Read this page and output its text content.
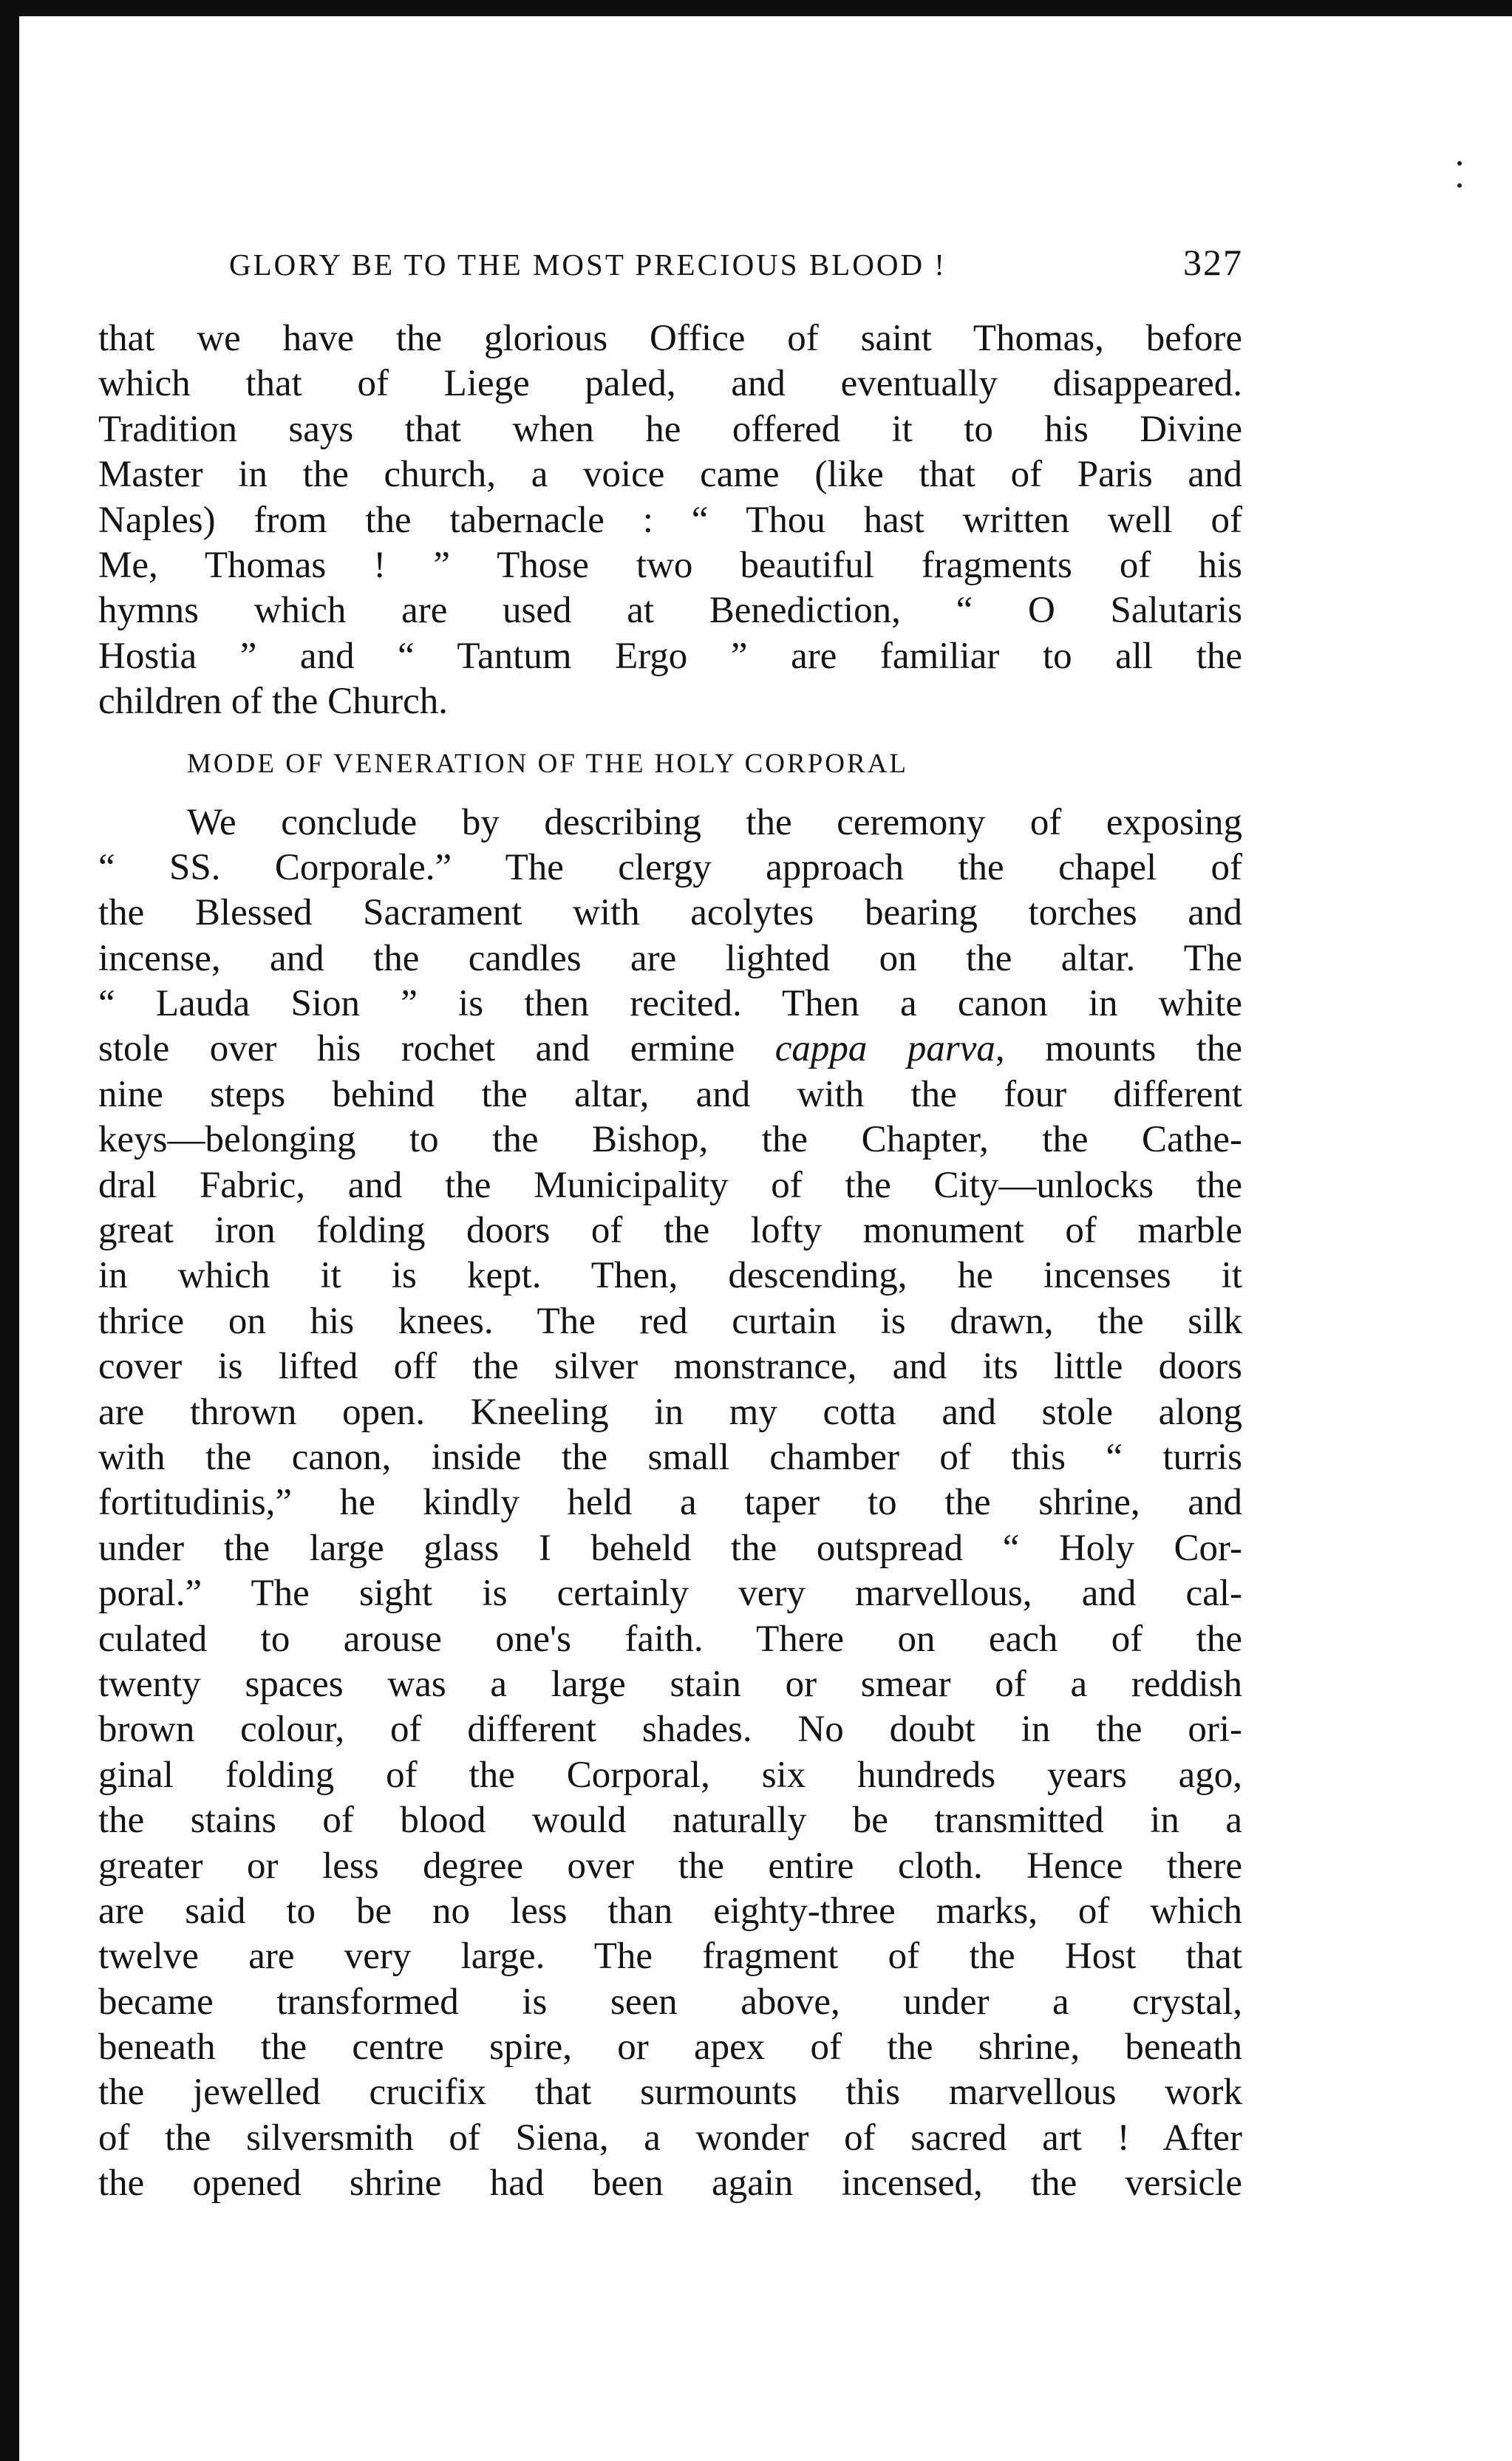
GLORY BE TO THE MOST PRECIOUS BLOOD !	327
that we have the glorious Office of saint Thomas, before
which that of Liege paled, and eventually disappeared.
Tradition says that when he offered it to his Divine
Master in the church, a voice came (like that of Paris and
Naples) from the tabernacle : “ Thou hast written well of
Me, Thomas ! ” Those two beautiful fragments of his
hymns which are used at Benediction, “ O Salutaris
Hostia ” and “ Tantum Ergo ” are familiar to all the
children of the Church.
MODE OF VENERATION OF THE HOLY CORPORAL
We conclude by describing the ceremony of exposing
“ SS. Corporale.” The clergy approach the chapel of
the Blessed Sacrament with acolytes bearing torches and
incense, and the candles are lighted on the altar. The
“ Lauda Sion ” is then recited. Then a canon in white
stole over his rochet and ermine cappa parva, mounts the
nine steps behind the altar, and with the four different
keys—belonging to the Bishop, the Chapter, the Cathe-
dral Fabric, and the Municipality of the City—unlocks the
great iron folding doors of the lofty monument of marble
in which it is kept. Then, descending, he incenses it
thrice on his knees. The red curtain is drawn, the silk
cover is lifted off the silver monstrance, and its little doors
are thrown open. Kneeling in my cotta and stole along
with the canon, inside the small chamber of this “ turris
fortitudinis,” he kindly held a taper to the shrine, and
under the large glass I beheld the outspread “ Holy Cor-
poral.” The sight is certainly very marvellous, and cal-
culated to arouse one's faith. There on each of the
twenty spaces was a large stain or smear of a reddish
brown colour, of different shades. No doubt in the ori-
ginal folding of the Corporal, six hundreds years ago,
the stains of blood would naturally be transmitted in a
greater or less degree over the entire cloth. Hence there
are said to be no less than eighty-three marks, of which
twelve are very large. The fragment of the Host that
became transformed is seen above, under a crystal,
beneath the centre spire, or apex of the shrine, beneath
the jewelled crucifix that surmounts this marvellous work
of the silversmith of Siena, a wonder of sacred art ! After
the opened shrine had been again incensed, the versicle
